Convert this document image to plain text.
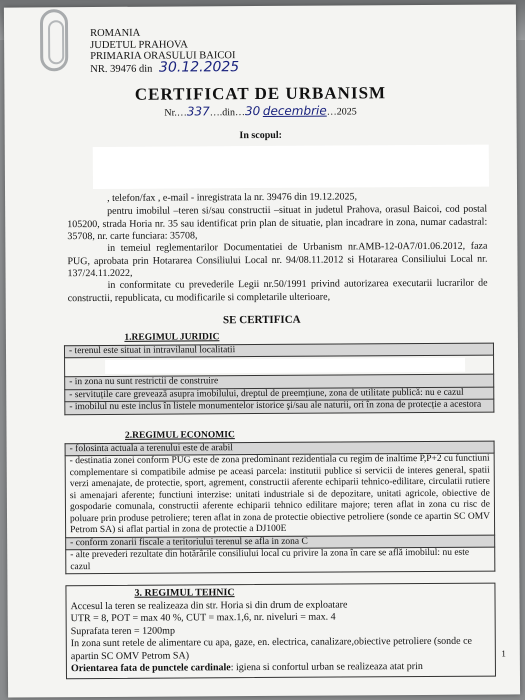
ROMANIA
JUDETUL PRAHOVA
PRIMARIA ORASULUI BAICOI
NR. 39476 din 30.12.2025
CERTIFICAT DE URBANISM
Nr.…337….din…30 decembrie…2025
In scopul:

, telefon/fax , e-mail - inregistrata la nr. 39476 din 19.12.2025,

pentru imobilul –teren si/sau constructii –situat in judetul Prahova, orasul Baicoi, cod postal 105200, strada Horia nr. 35 sau identificat prin plan de situatie, plan incadrare in zona, numar cadastral: 35708, nr. carte funciara: 35708,

in temeiul reglementarilor Documentatiei de Urbanism nr.AMB-12-0A7/01.06.2012, faza PUG, aprobata prin Hotararea Consiliului Local nr. 94/08.11.2012 si Hotararea Consiliului Local nr. 137/24.11.2022,

in conformitate cu prevederile Legii nr.50/1991 privind autorizarea executarii lucrarilor de constructii, republicata, cu modificarile si completarile ulterioare,

SE CERTIFICA
1.REGIMUL JURIDIC
- terenul este situat in intravilanul localitatii

- in zona nu sunt restrictii de construire
- servituțile care greveazǎ asupra imobilului, dreptul de preemțiune, zona de utilitate publicǎ: nu e cazul
- imobilul nu este inclus în listele monumentelor istorice şi/sau ale naturii, ori în zona de protecție a acestora
2.REGIMUL ECONOMIC
- folosinta actuala a terenului este de arabil
- destinatia zonei conform PUG este de zona predominant rezidentiala cu regim de inaltime P,P+2 cu functiuni complementare si compatibile admise pe aceasi parcela: institutii publice si servicii de interes general, spatii verzi amenajate, de protectie, sport, agrement, constructii aferente echiparii tehnico-edilitare, circulatii rutiere si amenajari aferente; functiuni interzise: unitati industriale si de depozitare, unitati agricole, obiective de gospodarie comunala, constructii aferente echiparii tehnico edilitare majore; teren aflat in zona cu risc de poluare prin produse petroliere; teren aflat in zona de protectie obiective petroliere (sonde ce apartin SC OMV Petrom SA) si aflat partial in zona de protectie a DJ100E
- conform zonarii fiscale a teritoriului terenul se afla in zona C
- alte prevederi rezultate din hotărârile consiliului local cu privire la zona în care se află imobilul: nu este cazul

3. REGIMUL TEHNIC

Accesul la teren se realizeaza din str. Horia si din drum de exploatare
UTR = 8, POT = max 40 %, CUT = max.1,6, nr. niveluri = max. 4
Suprafata teren = 1200mp
In zona sunt retele de alimentare cu apa, gaze, en. electrica, canalizare,obiective petroliere (sonde ce apartin SC OMV Petrom SA)
Orientarea fata de punctele cardinale: igiena si confortul urban se realizeaza atat prin
1
